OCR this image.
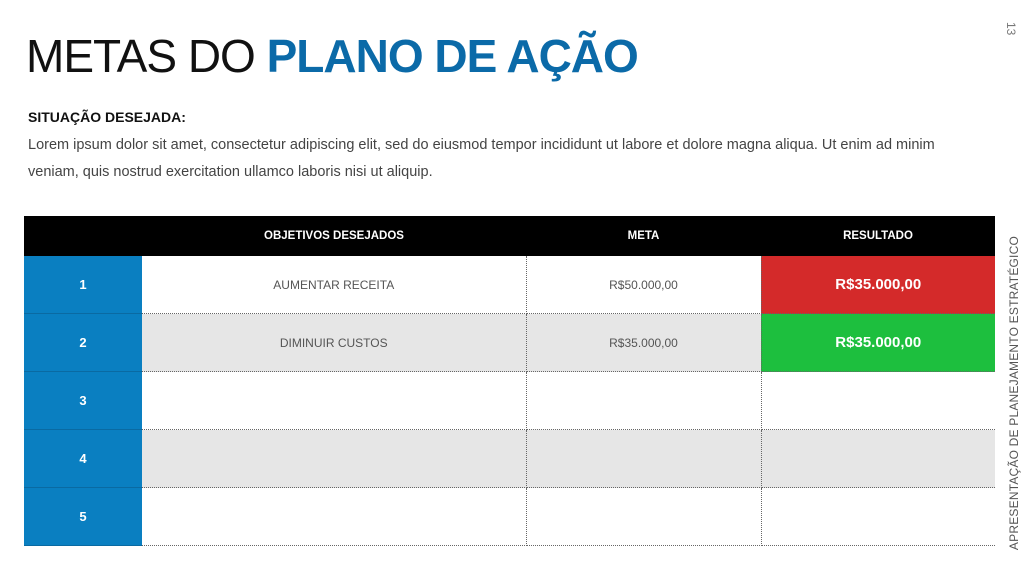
METAS DO PLANO DE AÇÃO
13
APRESENTAÇÃO DE PLANEJAMENTO ESTRATÉGICO
SITUAÇÃO DESEJADA:

Lorem ipsum dolor sit amet, consectetur adipiscing elit, sed do eiusmod tempor incididunt ut labore et dolore magna aliqua. Ut enim ad minim veniam, quis nostrud exercitation ullamco laboris nisi ut aliquip.

	OBJETIVOS DESEJADOS	META	RESULTADO
1	AUMENTAR RECEITA	R$50.000,00	R$35.000,00
2	DIMINUIR CUSTOS	R$35.000,00	R$35.000,00
3			
4			
5			
